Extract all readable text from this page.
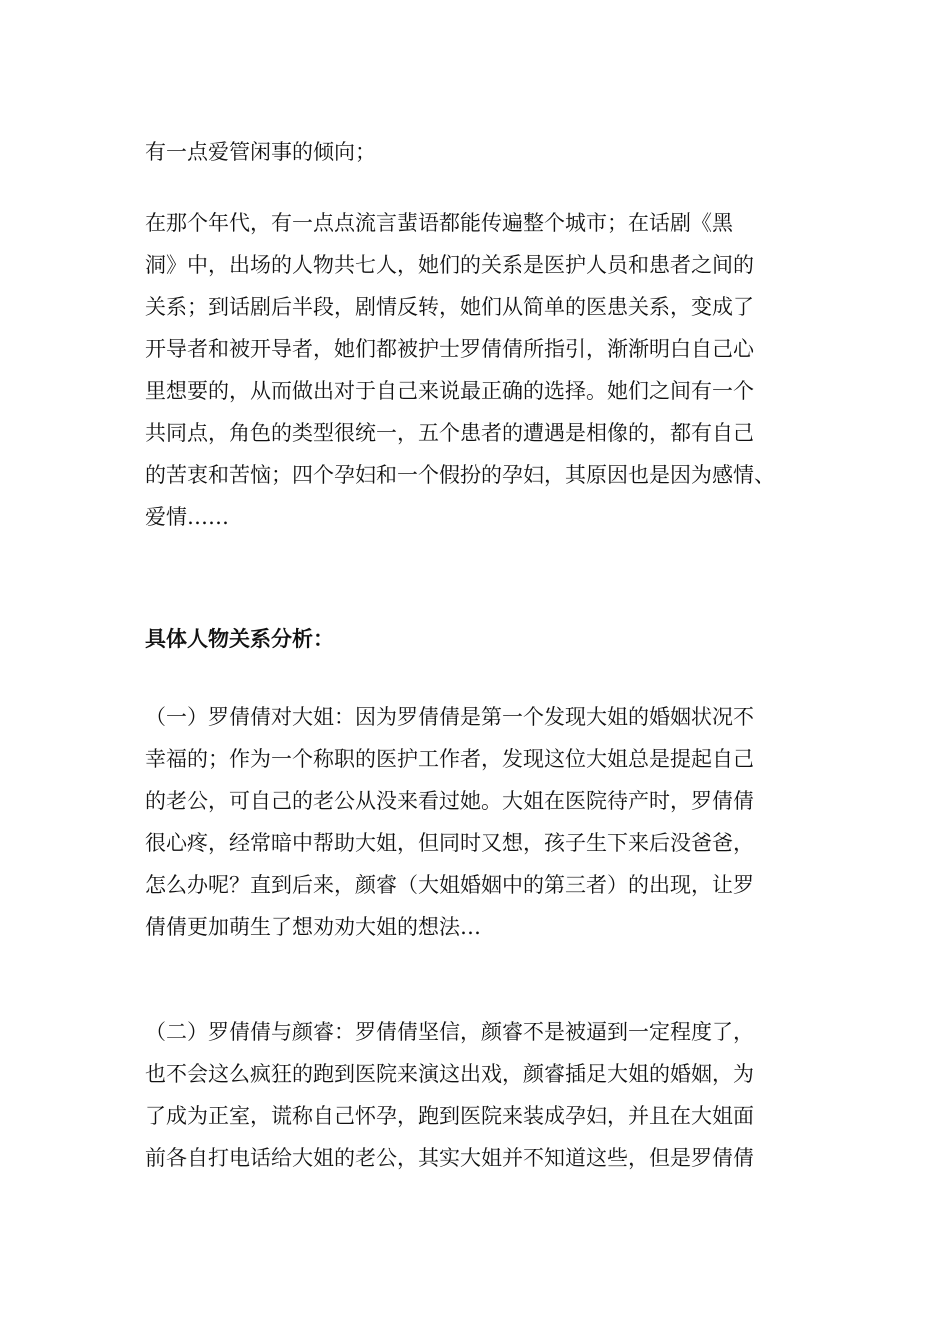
有一点爱管闲事的倾向；
在那个年代，有一点点流言蜚语都能传遍整个城市；在话剧《黑
洞》中，出场的人物共七人，她们的关系是医护人员和患者之间的
关系；到话剧后半段，剧情反转，她们从简单的医患关系，变成了
开导者和被开导者，她们都被护士罗倩倩所指引，渐渐明白自己心
里想要的，从而做出对于自己来说最正确的选择。她们之间有一个
共同点，角色的类型很统一，五个患者的遭遇是相像的，都有自己
的苦衷和苦恼；四个孕妇和一个假扮的孕妇，其原因也是因为感情、
爱情……
具体人物关系分析：
（一）罗倩倩对大姐：因为罗倩倩是第一个发现大姐的婚姻状况不
幸福的；作为一个称职的医护工作者，发现这位大姐总是提起自己
的老公，可自己的老公从没来看过她。大姐在医院待产时，罗倩倩
很心疼，经常暗中帮助大姐，但同时又想，孩子生下来后没爸爸，
怎么办呢？直到后来，颜睿（大姐婚姻中的第三者）的出现，让罗
倩倩更加萌生了想劝劝大姐的想法…
（二）罗倩倩与颜睿：罗倩倩坚信，颜睿不是被逼到一定程度了，
也不会这么疯狂的跑到医院来演这出戏，颜睿插足大姐的婚姻，为
了成为正室，谎称自己怀孕，跑到医院来装成孕妇，并且在大姐面
前各自打电话给大姐的老公，其实大姐并不知道这些，但是罗倩倩
